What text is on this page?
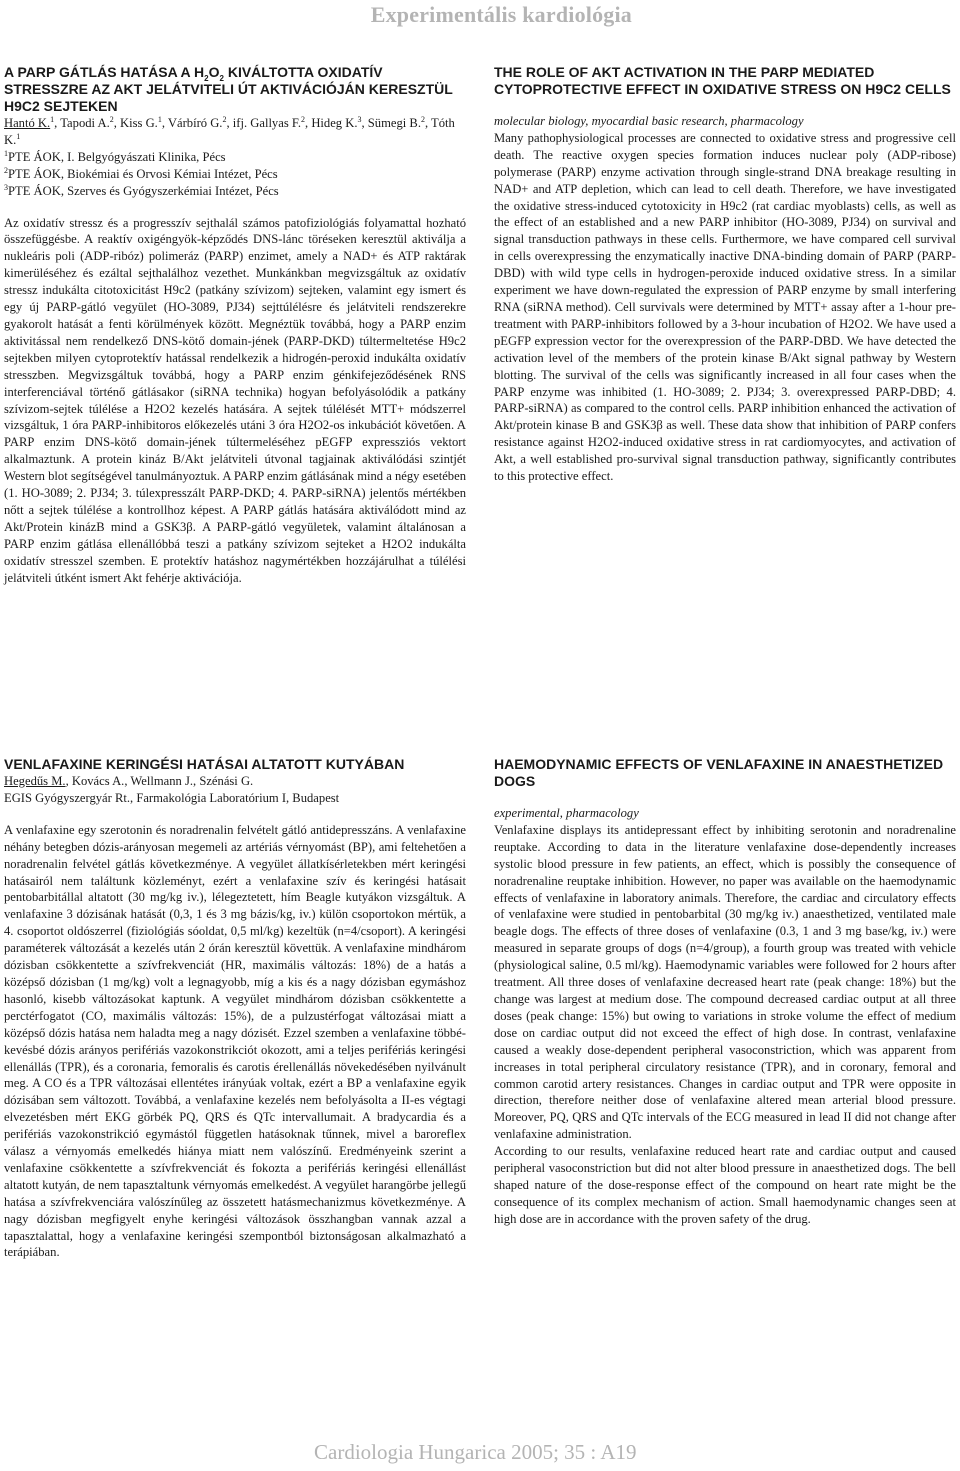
Experimentális kardiológia
A PARP GÁTLÁS HATÁSA A $H_2O_2$ KIVÁLTOTTA OXIDATÍV STRESSZRE AZ AKT JELÁTVITELI ÚT AKTIVÁCIÓJÁN KERESZTÜL H9C2 SEJTEKEN

Hantó K.$^1$, Tapodi A.$^2$, Kiss G.$^1$, Várbíró G.$^2$, ifj. Gallyas F.$^2$, Hideg K.$^3$, Sümegi B.$^2$, Tóth K.$^1$

$^1$PTE ÁOK, I. Belgyógyászati Klinika, Pécs

$^2$PTE ÁOK, Biokémiai és Orvosi Kémiai Intézet, Pécs

$^3$PTE ÁOK, Szerves és Gyógyszerkémiai Intézet, Pécs

Az oxidatív stressz és a progresszív sejthalál számos patofiziológiás folyamattal hozható összefüggésbe. A reaktív oxigéngyök-képződés DNS-lánc töréseken keresztül aktiválja a nukleáris poli (ADP-ribóz) polimeráz (PARP) enzimet, amely a NAD+ és ATP raktárak kimerüléséhez és ezáltal sejthalálhoz vezethet. Munkánkban megvizsgáltuk az oxidatív stressz indukálta citotoxicitást H9c2 (patkány szívizom) sejteken, valamint egy ismert és egy új PARP-gátló vegyület (HO-3089, PJ34) sejttúlélésre és jelátviteli rendszerekre gyakorolt hatását a fenti körülmények között. Megnéztük továbbá, hogy a PARP enzim aktivitással nem rendelkező DNS-kötő domain-jének (PARP-DKD) túltermeltetése H9c2 sejtekben milyen cytoprotektív hatással rendelkezik a hidrogén-peroxid indukálta oxidatív stresszben. Megvizsgáltuk továbbá, hogy a PARP enzim génkifejeződésének RNS interferenciával történő gátlásakor (siRNA technika) hogyan befolyásolódik a patkány szívizom-sejtek túlélése a H2O2 kezelés hatására. A sejtek túlélését MTT+ módszerrel vizsgáltuk, 1 óra PARP-inhibitoros előkezelés utáni 3 óra H2O2-os inkubációt követően. A PARP enzim DNS-kötő domain-jének túltermeléséhez pEGFP expressziós vektort alkalmaztunk. A protein kináz B/Akt jelátviteli útvonal tagjainak aktiválódási szintjét Western blot segítségével tanulmányoztuk. A PARP enzim gátlásának mind a négy esetében (1. HO-3089; 2. PJ34; 3. túlexpresszált PARP-DKD; 4. PARP-siRNA) jelentős mértékben nőtt a sejtek túlélése a kontrollhoz képest. A PARP gátlás hatására aktiválódott mind az Akt/Protein kinázB mind a GSK3β. A PARP-gátló vegyületek, valamint általánosan a PARP enzim gátlása ellenállóbbá teszi a patkány szívizom sejteket a H2O2 indukálta oxidatív stresszel szemben. E protektív hatáshoz nagymértékben hozzájárulhat a túlélési jelátviteli útként ismert Akt fehérje aktivációja.

THE ROLE OF AKT ACTIVATION IN THE PARP MEDIATED CYTOPROTECTIVE EFFECT IN OXIDATIVE STRESS ON H9C2 CELLS

molecular biology, myocardial basic research, pharmacology

Many pathophysiological processes are connected to oxidative stress and progressive cell death. The reactive oxygen species formation induces nuclear poly (ADP-ribose) polymerase (PARP) enzyme activation through single-strand DNA breakage resulting in NAD+ and ATP depletion, which can lead to cell death. Therefore, we have investigated the oxidative stress-induced cytotoxicity in H9c2 (rat cardiac myoblasts) cells, as well as the effect of an established and a new PARP inhibitor (HO-3089, PJ34) on survival and signal transduction pathways in these cells. Furthermore, we have compared cell survival in cells overexpressing the enzymatically inactive DNA-binding domain of PARP (PARP-DBD) with wild type cells in hydrogen-peroxide induced oxidative stress. In a similar experiment we have down-regulated the expression of PARP enzyme by small interfering RNA (siRNA method). Cell survivals were determined by MTT+ assay after a 1-hour pre-treatment with PARP-inhibitors followed by a 3-hour incubation of H2O2. We have used a pEGFP expression vector for the overexpression of the PARP-DBD. We have detected the activation level of the members of the protein kinase B/Akt signal pathway by Western blotting. The survival of the cells was significantly increased in all four cases when the PARP enzyme was inhibited (1. HO-3089; 2. PJ34; 3. overexpressed PARP-DBD; 4. PARP-siRNA) as compared to the control cells. PARP inhibition enhanced the activation of Akt/protein kinase B and GSK3β as well. These data show that inhibition of PARP confers resistance against H2O2-induced oxidative stress in rat cardiomyocytes, and activation of Akt, a well established pro-survival signal transduction pathway, significantly contributes to this protective effect.

VENLAFAXINE KERINGÉSI HATÁSAI ALTATOTT KUTYÁBAN

Hegedűs M., Kovács A., Wellmann J., Szénási G.

EGIS Gyógyszergyár Rt., Farmakológia Laboratórium I, Budapest

A venlafaxine egy szerotonin és noradrenalin felvételt gátló antidepresszáns. A venlafaxine néhány betegben dózis-arányosan megemeli az artériás vérnyomást (BP), ami feltehetően a noradrenalin felvétel gátlás következménye. A vegyület állatkísérletekben mért keringési hatásairól nem találtunk közleményt, ezért a venlafaxine szív és keringési hatásait pentobarbitállal altatott (30 mg/kg iv.), lélegeztetett, hím Beagle kutyákon vizsgáltuk. A venlafaxine 3 dózisának hatását (0,3, 1 és 3 mg bázis/kg, iv.) külön csoportokon mértük, a 4. csoportot oldószerrel (fiziológiás sóoldat, 0,5 ml/kg) kezeltük (n=4/csoport). A keringési paraméterek változását a kezelés után 2 órán keresztül követtük. A venlafaxine mindhárom dózisban csökkentette a szívfrekvenciát (HR, maximális változás: 18%) de a hatás a középső dózisban (1 mg/kg) volt a legnagyobb, míg a kis és a nagy dózisban egymáshoz hasonló, kisebb változásokat kaptunk. A vegyület mindhárom dózisban csökkentette a perctérfogatot (CO, maximális változás: 15%), de a pulzustérfogat változásai miatt a középső dózis hatása nem haladta meg a nagy dózisét. Ezzel szemben a venlafaxine többé-kevésbé dózis arányos perifériás vazokonstrikciót okozott, ami a teljes perifériás keringési ellenállás (TPR), és a coronaria, femoralis és carotis érellenállás növekedésében nyilvánult meg. A CO és a TPR változásai ellentétes irányúak voltak, ezért a BP a venlafaxine egyik dózisában sem változott. Továbbá, a venlafaxine kezelés nem befolyásolta a II-es végtagi elvezetésben mért EKG görbék PQ, QRS és QTc intervallumait. A bradycardia és a perifériás vazokonstrikció egymástól független hatásoknak tűnnek, mivel a baroreflex válasz a vérnyomás emelkedés hiánya miatt nem valószínű. Eredményeink szerint a venlafaxine csökkentette a szívfrekvenciát és fokozta a perifériás keringési ellenállást altatott kutyán, de nem tapasztaltunk vérnyomás emelkedést. A vegyület harangörbe jellegű hatása a szívfrekvenciára valószínűleg az összetett hatásmechanizmus következménye. A nagy dózisban megfigyelt enyhe keringési változások összhangban vannak azzal a tapasztalattal, hogy a venlafaxine keringési szempontból biztonságosan alkalmazható a terápiában.

HAEMODYNAMIC EFFECTS OF VENLAFAXINE IN ANAESTHETIZED DOGS

experimental, pharmacology

Venlafaxine displays its antidepressant effect by inhibiting serotonin and noradrenaline reuptake. According to data in the literature venlafaxine dose-dependently increases systolic blood pressure in few patients, an effect, which is possibly the consequence of noradrenaline reuptake inhibition. However, no paper was available on the haemodynamic effects of venlafaxine in laboratory animals. Therefore, the cardiac and circulatory effects of venlafaxine were studied in pentobarbital (30 mg/kg iv.) anaesthetized, ventilated male beagle dogs. The effects of three doses of venlafaxine (0.3, 1 and 3 mg base/kg, iv.) were measured in separate groups of dogs (n=4/group), a fourth group was treated with vehicle (physiological saline, 0.5 ml/kg). Haemodynamic variables were followed for 2 hours after treatment. All three doses of venlafaxine decreased heart rate (peak change: 18%) but the change was largest at medium dose. The compound decreased cardiac output at all three doses (peak change: 15%) but owing to variations in stroke volume the effect of medium dose on cardiac output did not exceed the effect of high dose. In contrast, venlafaxine caused a weakly dose-dependent peripheral vasoconstriction, which was apparent from increases in total peripheral circulatory resistance (TPR), and in coronary, femoral and common carotid artery resistances. Changes in cardiac output and TPR were opposite in direction, therefore neither dose of venlafaxine altered mean arterial blood pressure. Moreover, PQ, QRS and QTc intervals of the ECG measured in lead II did not change after venlafaxine administration.

According to our results, venlafaxine reduced heart rate and cardiac output and caused peripheral vasoconstriction but did not alter blood pressure in anaesthetized dogs. The bell shaped nature of the dose-response effect of the compound on heart rate might be the consequence of its complex mechanism of action. Small haemodynamic changes seen at high dose are in accordance with the proven safety of the drug.

Cardiologia Hungarica 2005; 35 : A19
